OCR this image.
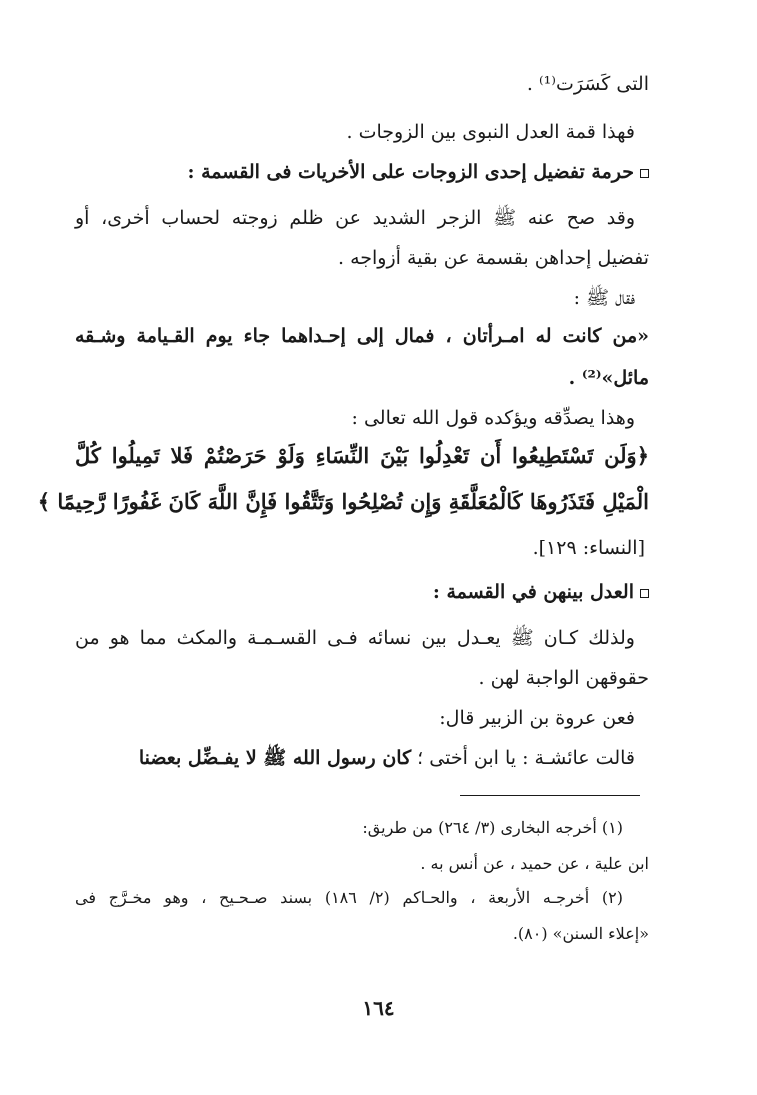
التى كَسَرَت⁽¹⁾ .
فهذا قمة العدل النبوى بين الزوجات .
حرمة تفضيل إحدى الزوجات على الأخريات فى القسمة :
وقد صح عنه ﷺ الزجر الشديد عن ظلم زوجته لحساب أخرى، أو
تفضيل إحداهن بقسمة عن بقية أزواجه .
فقال ﷺ :
«من كانت له امـرأتان ، فمال إلى إحـداهما جاء يوم القـيامة وشـقه
مائل»⁽²⁾ .
وهذا يصدِّقه ويؤكده قول الله تعالى :
﴿وَلَن تَسْتَطِيعُوا أَن تَعْدِلُوا بَيْنَ النِّسَاءِ وَلَوْ حَرَصْتُمْ فَلا تَمِيلُوا كُلَّ
الْمَيْلِ فَتَذَرُوهَا كَالْمُعَلَّقَةِ وَإِن تُصْلِحُوا وَتَتَّقُوا فَإِنَّ اللَّهَ كَانَ غَفُورًا رَّحِيمًا ﴾
[النساء: ١٢٩].
العدل بينهن في القسمة :
ولذلك كـان ﷺ يعـدل بين نسائه فـى القسـمـة والمكث مما هو من
حقوقهن الواجبة لهن .
فعن عروة بن الزبير قال:
قالت عائشـة : يا ابن أختى ؛ كان رسول الله ﷺ لا يفـضِّل بعضنا
(١) أخرجه البخارى (٣/ ٢٦٤) من طريق:
ابن علية ، عن حميد ، عن أنس به .
(٢) أخرجـه الأربعة ، والحـاكم (٢/ ١٨٦) بسند صـحـيح ، وهو مخـرَّج فى
«إعلاء السنن» (٨٠).
١٦٤
